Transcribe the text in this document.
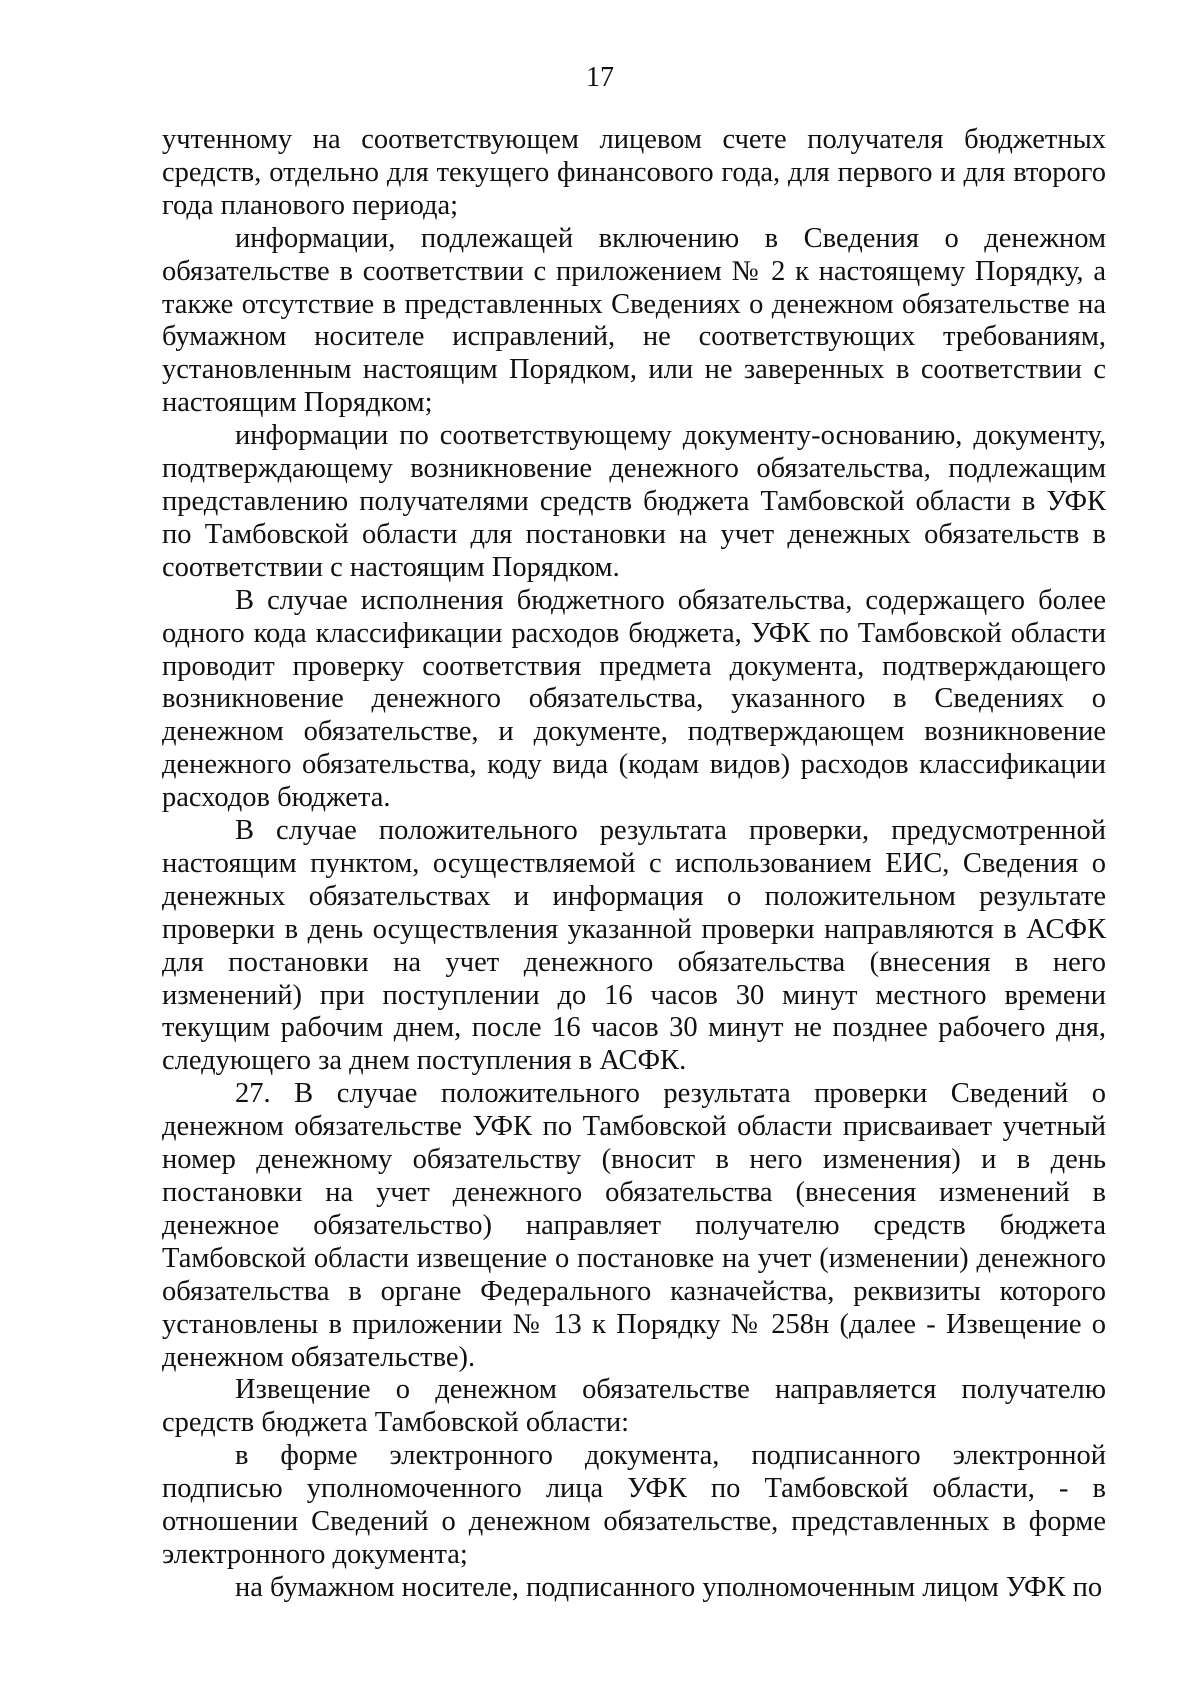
17

учтенному на соответствующем лицевом счете получателя бюджетных средств, отдельно для текущего финансового года, для первого и для второго года планового периода;

информации, подлежащей включению в Сведения о денежном обязательстве в соответствии с приложением № 2 к настоящему Порядку, а также отсутствие в представленных Сведениях о денежном обязательстве на бумажном носителе исправлений, не соответствующих требованиям, установленным настоящим Порядком, или не заверенных в соответствии с настоящим Порядком;

информации по соответствующему документу-основанию, документу, подтверждающему возникновение денежного обязательства, подлежащим представлению получателями средств бюджета Тамбовской области в УФК по Тамбовской области для постановки на учет денежных обязательств в соответствии с настоящим Порядком.

В случае исполнения бюджетного обязательства, содержащего более одного кода классификации расходов бюджета, УФК по Тамбовской области проводит проверку соответствия предмета документа, подтверждающего возникновение денежного обязательства, указанного в Сведениях о денежном обязательстве, и документе, подтверждающем возникновение денежного обязательства, коду вида (кодам видов) расходов классификации расходов бюджета.

В случае положительного результата проверки, предусмотренной настоящим пунктом, осуществляемой с использованием ЕИС, Сведения о денежных обязательствах и информация о положительном результате проверки в день осуществления указанной проверки направляются в АСФК для постановки на учет денежного обязательства (внесения в него изменений) при поступлении до 16 часов 30 минут местного времени текущим рабочим днем, после 16 часов 30 минут не позднее рабочего дня, следующего за днем поступления в АСФК.

27. В случае положительного результата проверки Сведений о денежном обязательстве УФК по Тамбовской области присваивает учетный номер денежному обязательству (вносит в него изменения) и в день постановки на учет денежного обязательства (внесения изменений в денежное обязательство) направляет получателю средств бюджета Тамбовской области извещение о постановке на учет (изменении) денежного обязательства в органе Федерального казначейства, реквизиты которого установлены в приложении № 13 к Порядку № 258н (далее - Извещение о денежном обязательстве).

Извещение о денежном обязательстве направляется получателю средств бюджета Тамбовской области:

в форме электронного документа, подписанного электронной подписью уполномоченного лица УФК по Тамбовской области, - в отношении Сведений о денежном обязательстве, представленных в форме электронного документа;

на бумажном носителе, подписанного уполномоченным лицом УФК по
